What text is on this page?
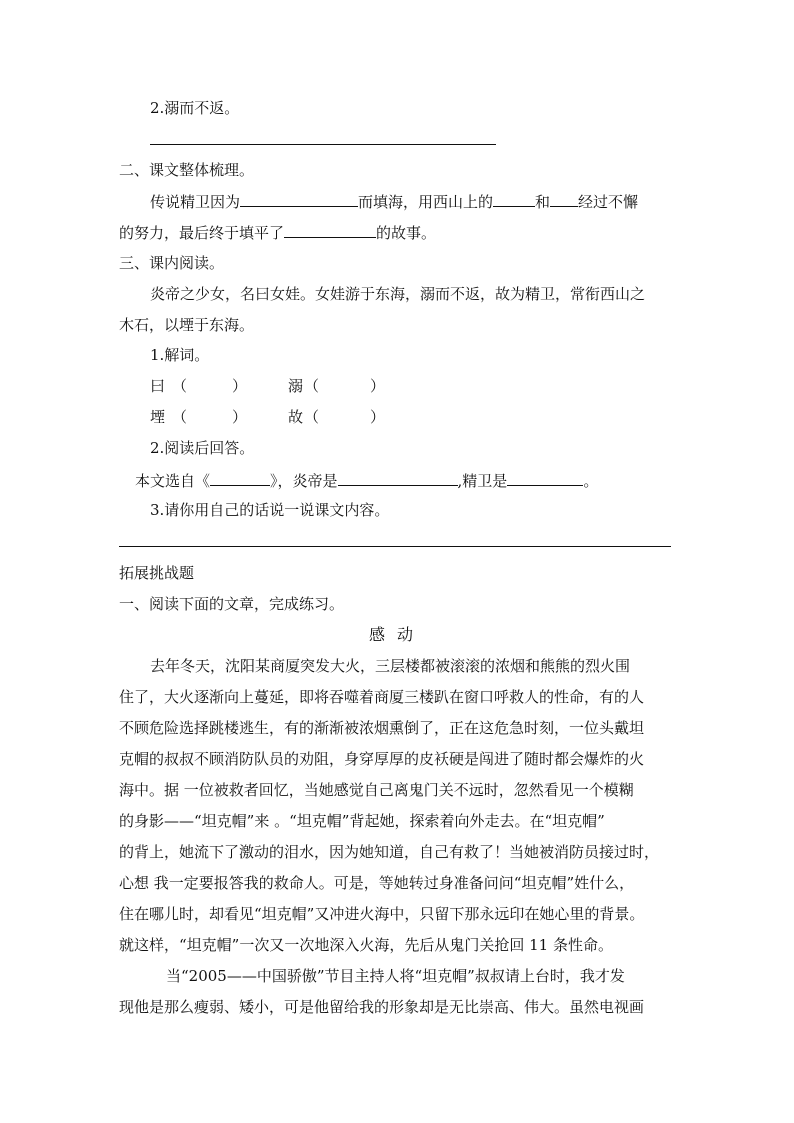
2.溺而不返。
二、课文整体梳理。
传说精卫因为	而填海，用西山上的	和 经过不懈
的努力，最后终于填平了	的故事。
三、课内阅读。
炎帝之少女，名曰女娃。女娃游于东海，溺而不返，故为精卫，常衔西山之
木石，以堙于东海。
1.解词。
曰 （	）	溺 （	）
堙 （	）	故 （	）
2.阅读后回答。
本文选自《	》，炎帝是	,精卫是	。
3.请你用自己的话说一说课文内容。
拓展挑战题
一、阅读下面的文章，完成练习。
感动
去年冬天，沈阳某商厦突发大火，三层楼都被滚滚的浓烟和熊熊的烈火围
住了，大火逐渐向上蔓延，即将吞噬着商厦三楼趴在窗口呼救人的性命，有的人
不顾危险选择跳楼逃生，有的渐渐被浓烟熏倒了，正在这危急时刻，一位头戴坦
克帽的叔叔不顾消防队员的劝阻，身穿厚厚的皮袄硬是闯进了随时都会爆炸的火
海中。据 一位被救者回忆，当她感觉自己离鬼门关不远时，忽然看见一个模糊
的身影——“坦克帽”来 。“坦克帽”背起她，探索着向外走去。在“坦克帽”
的背上，她流下了激动的泪水，因为她知道，自己有救了！当她被消防员接过时，
心想 我一定要报答我的救命人。可是，等她转过身准备问问“坦克帽”姓什么，
住在哪儿时，却看见“坦克帽”又冲进火海中，只留下那永远印在她心里的背景。
就这样，“坦克帽”一次又一次地深入火海，先后从鬼门关抢回 11 条性命。
当“2005——中国骄傲”节目主持人将“坦克帽”叔叔请上台时，我才发
现他是那么瘦弱、矮小，可是他留给我的形象却是无比崇高、伟大。虽然电视画
